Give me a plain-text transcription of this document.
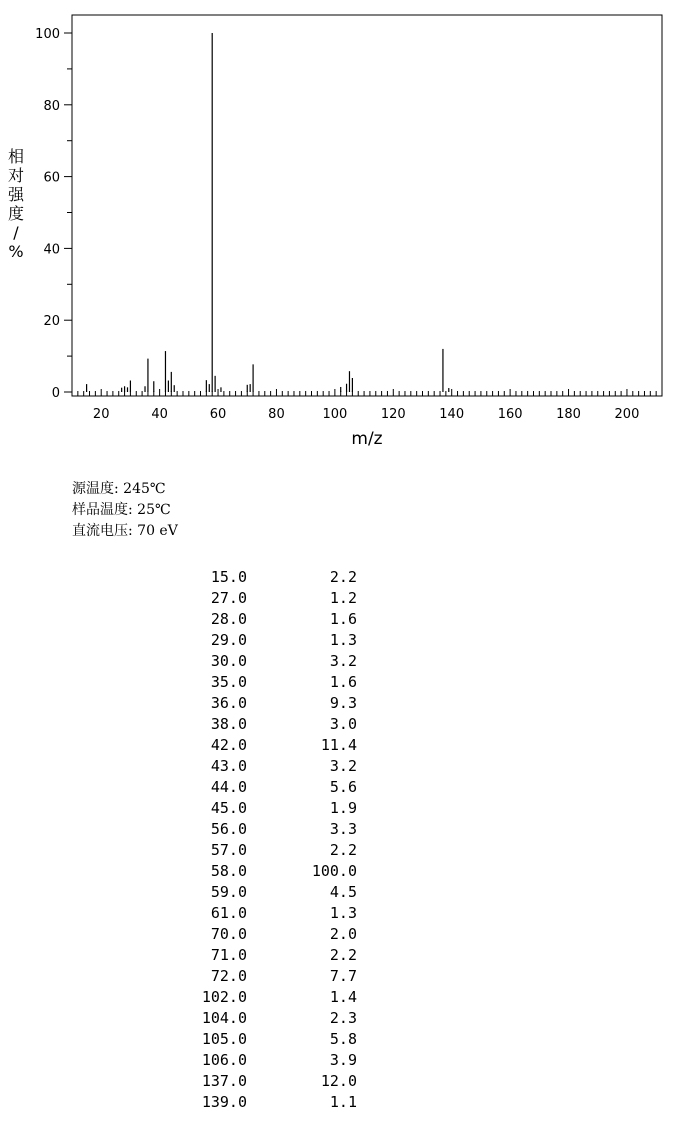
20	40	60	80	100	120	140	160	180	200
0
20
40
60
80
100
m/z
相对强度/ %
源温度: 245℃
样品温度: 25℃
直流电压: 70 eV
15.0	2.2
27.0	1.2
28.0	1.6
29.0	1.3
30.0	3.2
35.0	1.6
36.0	9.3
38.0	3.0
42.0	11.4
43.0	3.2
44.0	5.6
45.0	1.9
56.0	3.3
57.0	2.2
58.0	100.0
59.0	4.5
61.0	1.3
70.0	2.0
71.0	2.2
72.0	7.7
102.0	1.4
104.0	2.3
105.0	5.8
106.0	3.9
137.0	12.0
139.0	1.1
